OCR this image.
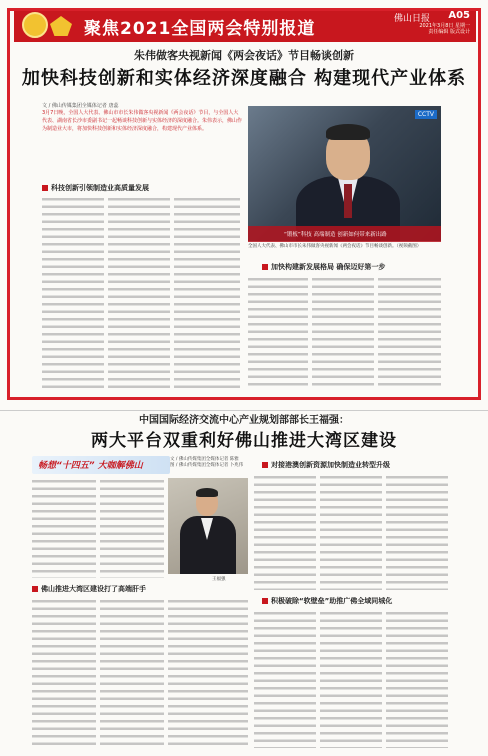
聚焦2021全国两会特别报道	佛山日报 A05
2021年3月8日 星期一
责任编辑 版式设计
朱伟做客央视新闻《两会夜话》节目畅谈创新
加快科技创新和实体经济深度融合 构建现代产业体系
文 / 佛山传媒集团全媒体记者 唐蕊
3月7日晚，全国人大代表、佛山市市长朱伟做客央视新闻《两会夜话》节目，与全国人大代表、湖南省长沙市委副书记一起畅谈科技创新与实体经济的深度融合。朱伟表示，佛山作为制造业大市，将加快科技创新和实体经济深度融合，构建现代产业体系。
CCTV
“锻板”科技 高端制造 创新如何带来新出路
全国人大代表、佛山市市长朱伟做客央视新闻《两会夜话》节目畅谈创新。（视频截图）
科技创新引领制造业高质量发展
加快构建新发展格局 确保迈好第一步
中国国际经济交流中心产业规划部部长王福强：
两大平台双重利好佛山推进大湾区建设
畅想“十四五” 大咖解佛山
文 / 佛山传媒集团全媒体记者 陈雅
图 / 佛山传媒集团全媒体记者 卜兆伟
王福强
对接港澳创新资源加快制造业转型升级
佛山推进大湾区建设打了高端肝手
积极破除“软壁垒”助推广佛全域同城化
